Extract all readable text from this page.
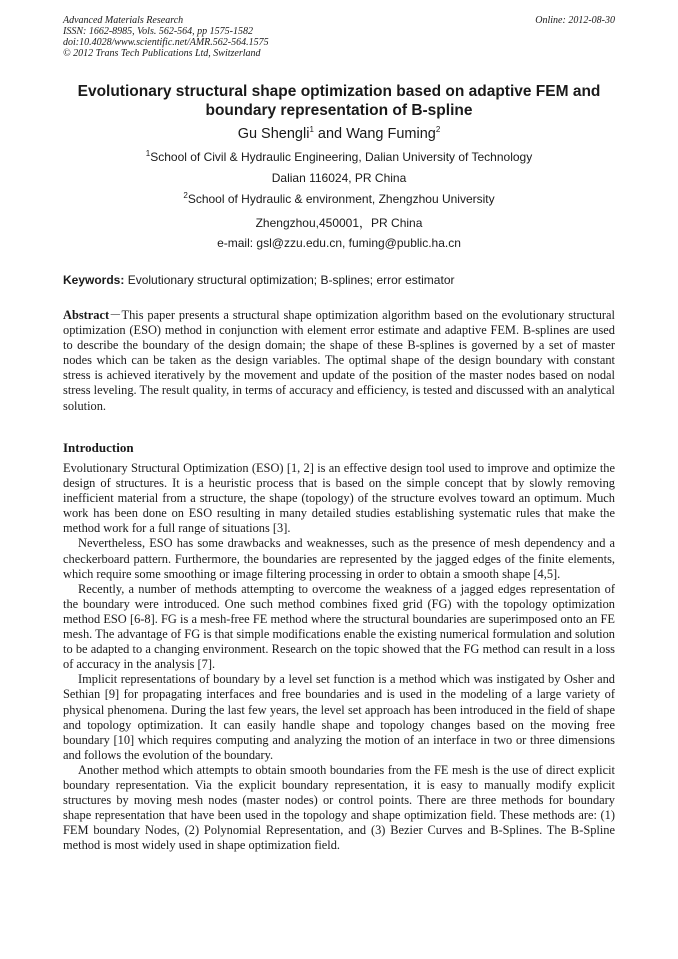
Advanced Materials Research
ISSN: 1662-8985, Vols. 562-564, pp 1575-1582
doi:10.4028/www.scientific.net/AMR.562-564.1575
© 2012 Trans Tech Publications Ltd, Switzerland
Online: 2012-08-30
Evolutionary structural shape optimization based on adaptive FEM and
boundary representation of B-spline
Gu Shengli$^1$ and Wang Fuming$^2$
$^1$School of Civil & Hydraulic Engineering, Dalian University of Technology
Dalian 116024, PR China
$^2$School of Hydraulic & environment, Zhengzhou University
Zhengzhou,450001，PR China
e-mail: gsl@zzu.edu.cn, fuming@public.ha.cn
Keywords: Evolutionary structural optimization; B-splines; error estimator
Abstract－This paper presents a structural shape optimization algorithm based on the evolutionary structural optimization (ESO) method in conjunction with element error estimate and adaptive FEM. B-splines are used to describe the boundary of the design domain; the shape of these B-splines is governed by a set of master nodes which can be taken as the design variables. The optimal shape of the design boundary with constant stress is achieved iteratively by the movement and update of the position of the master nodes based on nodal stress leveling. The result quality, in terms of accuracy and efficiency, is tested and discussed with an analytical solution.
Introduction

Evolutionary Structural Optimization (ESO) [1, 2] is an effective design tool used to improve and optimize the design of structures. It is a heuristic process that is based on the simple concept that by slowly removing inefficient material from a structure, the shape (topology) of the structure evolves toward an optimum. Much work has been done on ESO resulting in many detailed studies establishing systematic rules that make the method work for a full range of situations [3].

Nevertheless, ESO has some drawbacks and weaknesses, such as the presence of mesh dependency and a checkerboard pattern. Furthermore, the boundaries are represented by the jagged edges of the finite elements, which require some smoothing or image filtering processing in order to obtain a smooth shape [4,5].

Recently, a number of methods attempting to overcome the weakness of a jagged edges representation of the boundary were introduced. One such method combines fixed grid (FG) with the topology optimization method ESO [6-8]. FG is a mesh-free FE method where the structural boundaries are superimposed onto an FE mesh. The advantage of FG is that simple modifications enable the existing numerical formulation and solution to be adapted to a changing environment. Research on the topic showed that the FG method can result in a loss of accuracy in the analysis [7].

Implicit representations of boundary by a level set function is a method which was instigated by Osher and Sethian [9] for propagating interfaces and free boundaries and is used in the modeling of a large variety of physical phenomena. During the last few years, the level set approach has been introduced in the field of shape and topology optimization. It can easily handle shape and topology changes based on the moving free boundary [10] which requires computing and analyzing the motion of an interface in two or three dimensions and follows the evolution of the boundary.

Another method which attempts to obtain smooth boundaries from the FE mesh is the use of direct explicit boundary representation. Via the explicit boundary representation, it is easy to manually modify explicit structures by moving mesh nodes (master nodes) or control points. There are three methods for boundary shape representation that have been used in the topology and shape optimization field. These methods are: (1) FEM boundary Nodes, (2) Polynomial Representation, and (3) Bezier Curves and B-Splines. The B-Spline method is most widely used in shape optimization field.
